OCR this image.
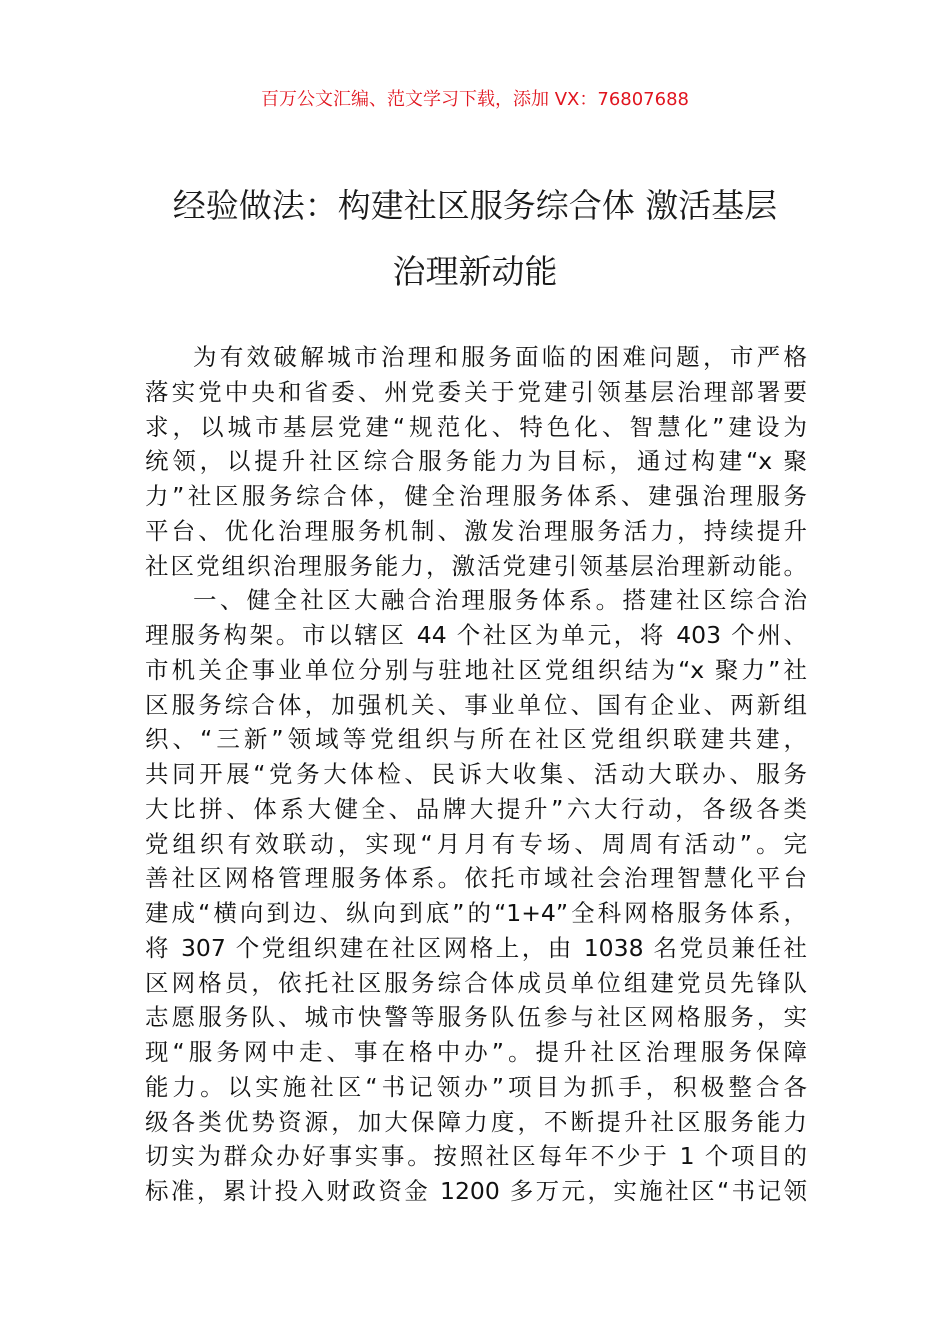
百万公文汇编、范文学习下载，添加 VX：76807688
经验做法：构建社区服务综合体 激活基层
治理新动能
为有效破解城市治理和服务面临的困难问题，市严格
落实党中央和省委、州党委关于党建引领基层治理部署要
求，以城市基层党建“规范化、特色化、智慧化”建设为
统领，以提升社区综合服务能力为目标，通过构建“x 聚
力”社区服务综合体，健全治理服务体系、建强治理服务
平台、优化治理服务机制、激发治理服务活力，持续提升
社区党组织治理服务能力，激活党建引领基层治理新动能。
一、健全社区大融合治理服务体系。搭建社区综合治
理服务构架。市以辖区 44 个社区为单元，将 403 个州、
市机关企事业单位分别与驻地社区党组织结为“x 聚力”社
区服务综合体，加强机关、事业单位、国有企业、两新组
织、“三新”领域等党组织与所在社区党组织联建共建，
共同开展“党务大体检、民诉大收集、活动大联办、服务
大比拼、体系大健全、品牌大提升”六大行动，各级各类
党组织有效联动，实现“月月有专场、周周有活动”。完
善社区网格管理服务体系。依托市域社会治理智慧化平台
建成“横向到边、纵向到底”的“1+4”全科网格服务体系，
将 307 个党组织建在社区网格上，由 1038 名党员兼任社
区网格员，依托社区服务综合体成员单位组建党员先锋队
志愿服务队、城市快警等服务队伍参与社区网格服务，实
现“服务网中走、事在格中办”。提升社区治理服务保障
能力。以实施社区“书记领办”项目为抓手，积极整合各
级各类优势资源，加大保障力度，不断提升社区服务能力
切实为群众办好事实事。按照社区每年不少于 1 个项目的
标准，累计投入财政资金 1200 多万元，实施社区“书记领
